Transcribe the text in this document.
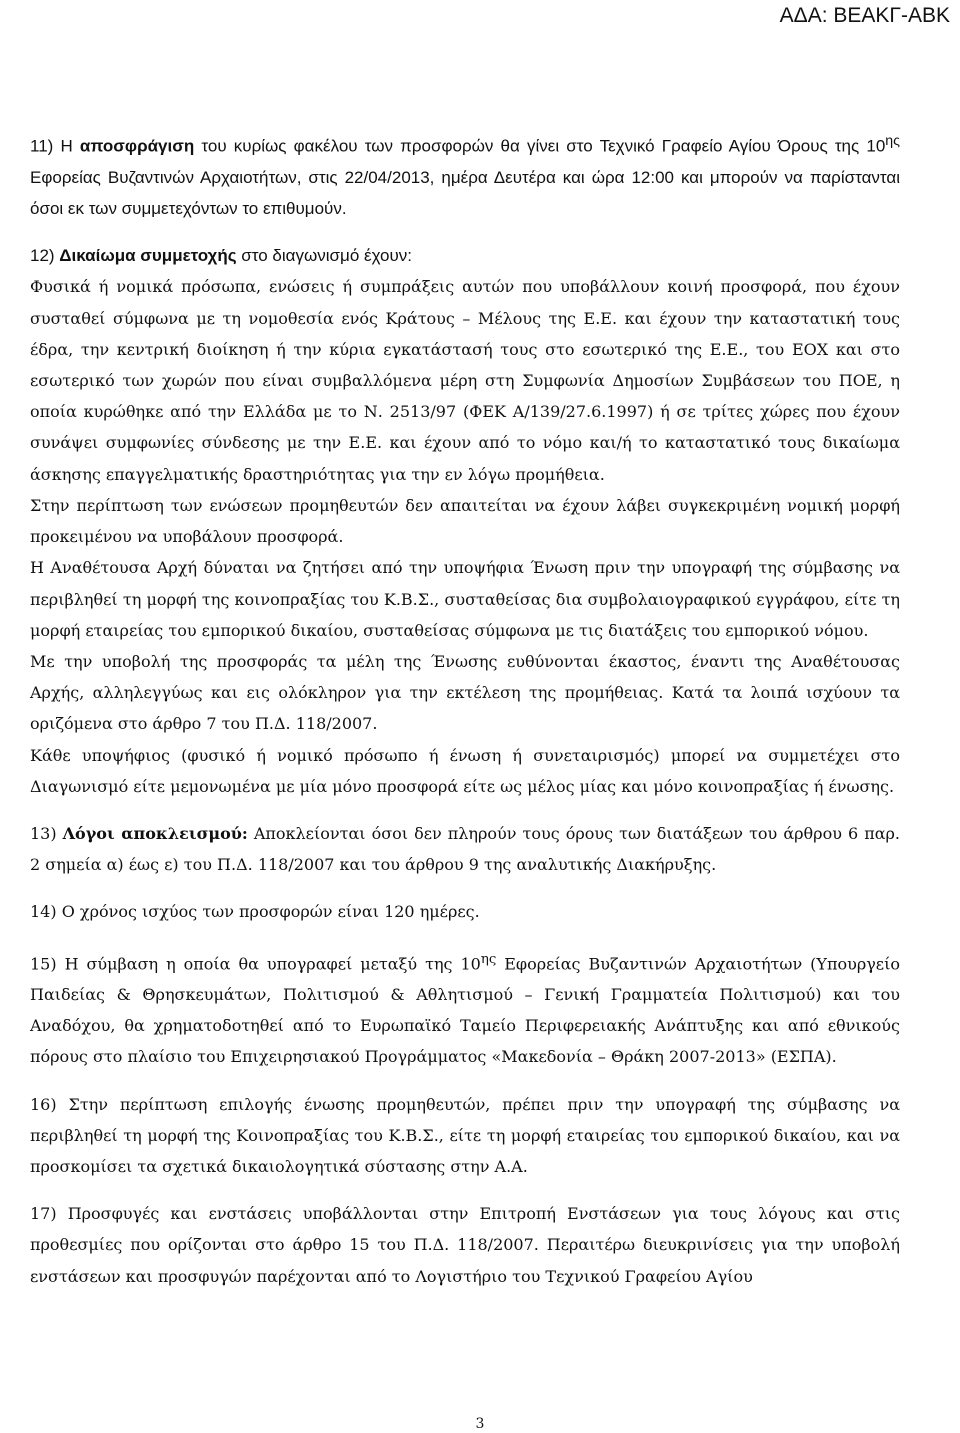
ΑΔΑ: ΒΕΑΚΓ-ΑΒΚ

11) Η αποσφράγιση του κυρίως φακέλου των προσφορών θα γίνει στο Τεχνικό Γραφείο Αγίου Όρους της $10^{\eta\varsigma}$ Εφορείας Βυζαντινών Αρχαιοτήτων, στις 22/04/2013, ημέρα Δευτέρα και ώρα 12:00 και μπορούν να παρίστανται όσοι εκ των συμμετεχόντων το επιθυμούν.

12) Δικαίωμα συμμετοχής στο διαγωνισμό έχουν:

Φυσικά ή νομικά πρόσωπα, ενώσεις ή συμπράξεις αυτών που υποβάλλουν κοινή προσφορά, που έχουν συσταθεί σύμφωνα με τη νομοθεσία ενός Κράτους – Μέλους της Ε.Ε. και έχουν την καταστατική τους έδρα, την κεντρική διοίκηση ή την κύρια εγκατάστασή τους στο εσωτερικό της Ε.Ε., του ΕΟΧ και στο εσωτερικό των χωρών που είναι συμβαλλόμενα μέρη στη Συμφωνία Δημοσίων Συμβάσεων του ΠΟΕ, η οποία κυρώθηκε από την Ελλάδα με το Ν. 2513/97 (ΦΕΚ Α/139/27.6.1997) ή σε τρίτες χώρες που έχουν συνάψει συμφωνίες σύνδεσης με την Ε.Ε. και έχουν από το νόμο και/ή το καταστατικό τους δικαίωμα άσκησης επαγγελματικής δραστηριότητας για την εν λόγω προμήθεια.

Στην περίπτωση των ενώσεων προμηθευτών δεν απαιτείται να έχουν λάβει συγκεκριμένη νομική μορφή προκειμένου να υποβάλουν προσφορά.

Η Αναθέτουσα Αρχή δύναται να ζητήσει από την υποψήφια Ένωση πριν την υπογραφή της σύμβασης να περιβληθεί τη μορφή της κοινοπραξίας του Κ.Β.Σ., συσταθείσας δια συμβολαιογραφικού εγγράφου, είτε τη μορφή εταιρείας του εμπορικού δικαίου, συσταθείσας σύμφωνα με τις διατάξεις του εμπορικού νόμου.

Με την υποβολή της προσφοράς τα μέλη της Ένωσης ευθύνονται έκαστος, έναντι της Αναθέτουσας Αρχής, αλληλεγγύως και εις ολόκληρον για την εκτέλεση της προμήθειας. Κατά τα λοιπά ισχύουν τα οριζόμενα στο άρθρο 7 του Π.Δ. 118/2007.

Κάθε υποψήφιος (φυσικό ή νομικό πρόσωπο ή ένωση ή συνεταιρισμός) μπορεί να συμμετέχει στο Διαγωνισμό είτε μεμονωμένα με μία μόνο προσφορά είτε ως μέλος μίας και μόνο κοινοπραξίας ή ένωσης.

13) Λόγοι αποκλεισμού: Αποκλείονται όσοι δεν πληρούν τους όρους των διατάξεων του άρθρου 6 παρ. 2 σημεία α) έως ε) του Π.Δ. 118/2007 και του άρθρου 9 της αναλυτικής Διακήρυξης.

14) Ο χρόνος ισχύος των προσφορών είναι 120 ημέρες.

15) Η σύμβαση η οποία θα υπογραφεί μεταξύ της $10^{\eta\varsigma}$ Εφορείας Βυζαντινών Αρχαιοτήτων (Υπουργείο Παιδείας & Θρησκευμάτων, Πολιτισμού & Αθλητισμού – Γενική Γραμματεία Πολιτισμού) και του Αναδόχου, θα χρηματοδοτηθεί από το Ευρωπαϊκό Ταμείο Περιφερειακής Ανάπτυξης και από εθνικούς πόρους στο πλαίσιο του Επιχειρησιακού Προγράμματος «Μακεδονία – Θράκη 2007-2013» (ΕΣΠΑ).

16) Στην περίπτωση επιλογής ένωσης προμηθευτών, πρέπει πριν την υπογραφή της σύμβασης να περιβληθεί τη μορφή της Κοινοπραξίας του Κ.Β.Σ., είτε τη μορφή εταιρείας του εμπορικού δικαίου, και να προσκομίσει τα σχετικά δικαιολογητικά σύστασης στην Α.Α.

17) Προσφυγές και ενστάσεις υποβάλλονται στην Επιτροπή Ενστάσεων για τους λόγους και στις προθεσμίες που ορίζονται στο άρθρο 15 του Π.Δ. 118/2007. Περαιτέρω διευκρινίσεις για την υποβολή ενστάσεων και προσφυγών παρέχονται από το Λογιστήριο του Τεχνικού Γραφείου Αγίου

3
